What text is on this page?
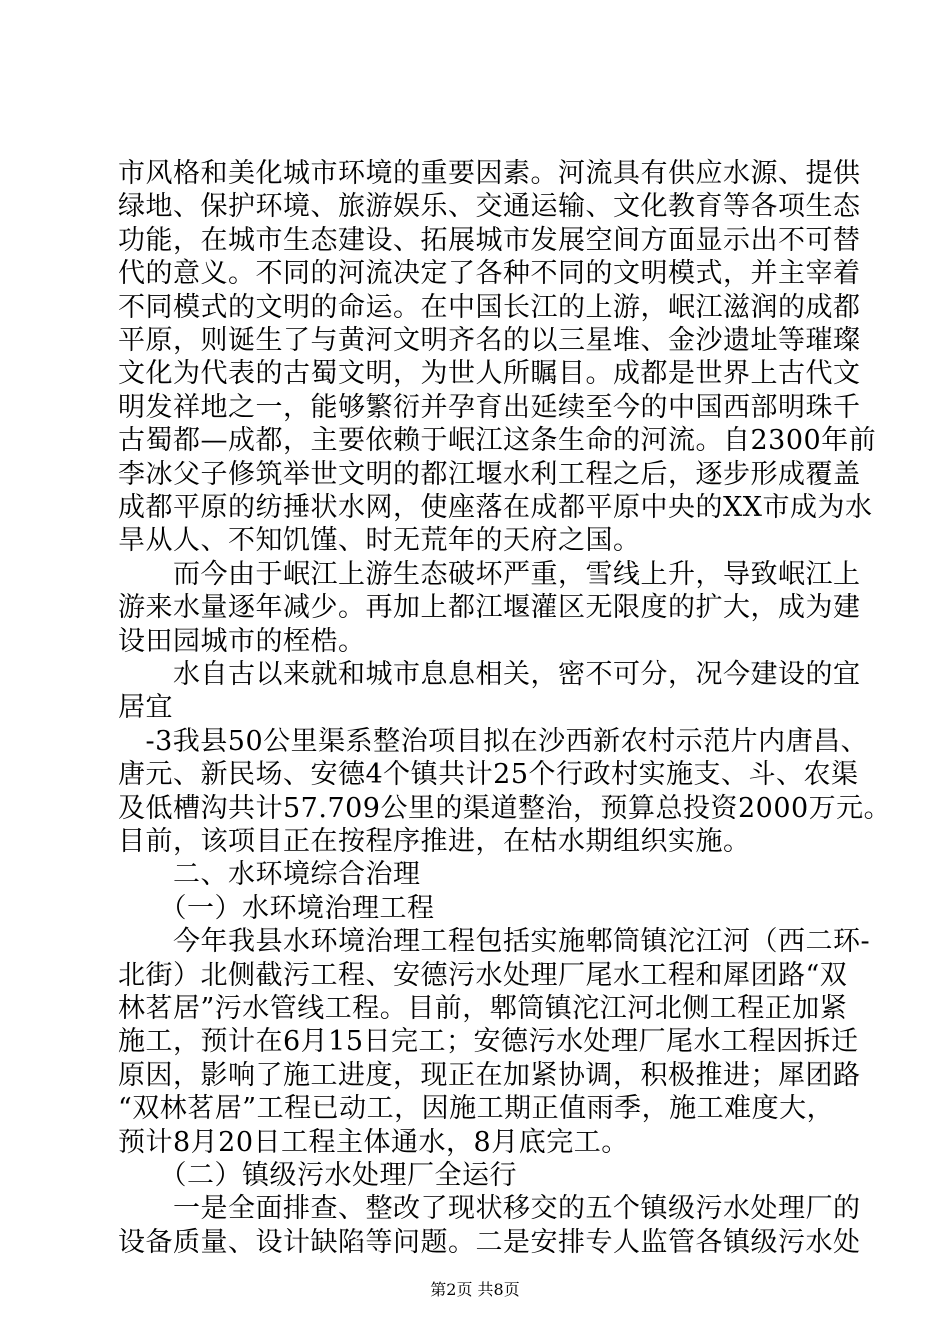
市风格和美化城市环境的重要因素。河流具有供应水源、提供
绿地、保护环境、旅游娱乐、交通运输、文化教育等各项生态
功能，在城市生态建设、拓展城市发展空间方面显示出不可替
代的意义。不同的河流决定了各种不同的文明模式，并主宰着
不同模式的文明的命运。在中国长江的上游，岷江滋润的成都
平原，则诞生了与黄河文明齐名的以三星堆、金沙遗址等璀璨
文化为代表的古蜀文明，为世人所瞩目。成都是世界上古代文
明发祥地之一，能够繁衍并孕育出延续至今的中国西部明珠千
古蜀都—成都，主要依赖于岷江这条生命的河流。自2300年前
李冰父子修筑举世文明的都江堰水利工程之后，逐步形成覆盖
成都平原的纺捶状水网，使座落在成都平原中央的XX市成为水
旱从人、不知饥馑、时无荒年的天府之国。
　　而今由于岷江上游生态破坏严重，雪线上升，导致岷江上
游来水量逐年减少。再加上都江堰灌区无限度的扩大，成为建
设田园城市的桎梏。
　　水自古以来就和城市息息相关，密不可分，况今建设的宜
居宜
　-3我县50公里渠系整治项目拟在沙西新农村示范片内唐昌、
唐元、新民场、安德4个镇共计25个行政村实施支、斗、农渠
及低槽沟共计57.709公里的渠道整治，预算总投资2000万元。
目前，该项目正在按程序推进，在枯水期组织实施。
　　二、水环境综合治理
　　（一）水环境治理工程
　　今年我县水环境治理工程包括实施郫筒镇沱江河（西二环-
北街）北侧截污工程、安德污水处理厂尾水工程和犀团路“双
林茗居”污水管线工程。目前，郫筒镇沱江河北侧工程正加紧
施工，预计在6月15日完工；安德污水处理厂尾水工程因拆迁
原因，影响了施工进度，现正在加紧协调，积极推进；犀团路
“双林茗居”工程已动工，因施工期正值雨季，施工难度大，
预计8月20日工程主体通水，8月底完工。
　　（二）镇级污水处理厂全运行
　　一是全面排查、整改了现状移交的五个镇级污水处理厂的
设备质量、设计缺陷等问题。二是安排专人监管各镇级污水处
第2页 共8页
